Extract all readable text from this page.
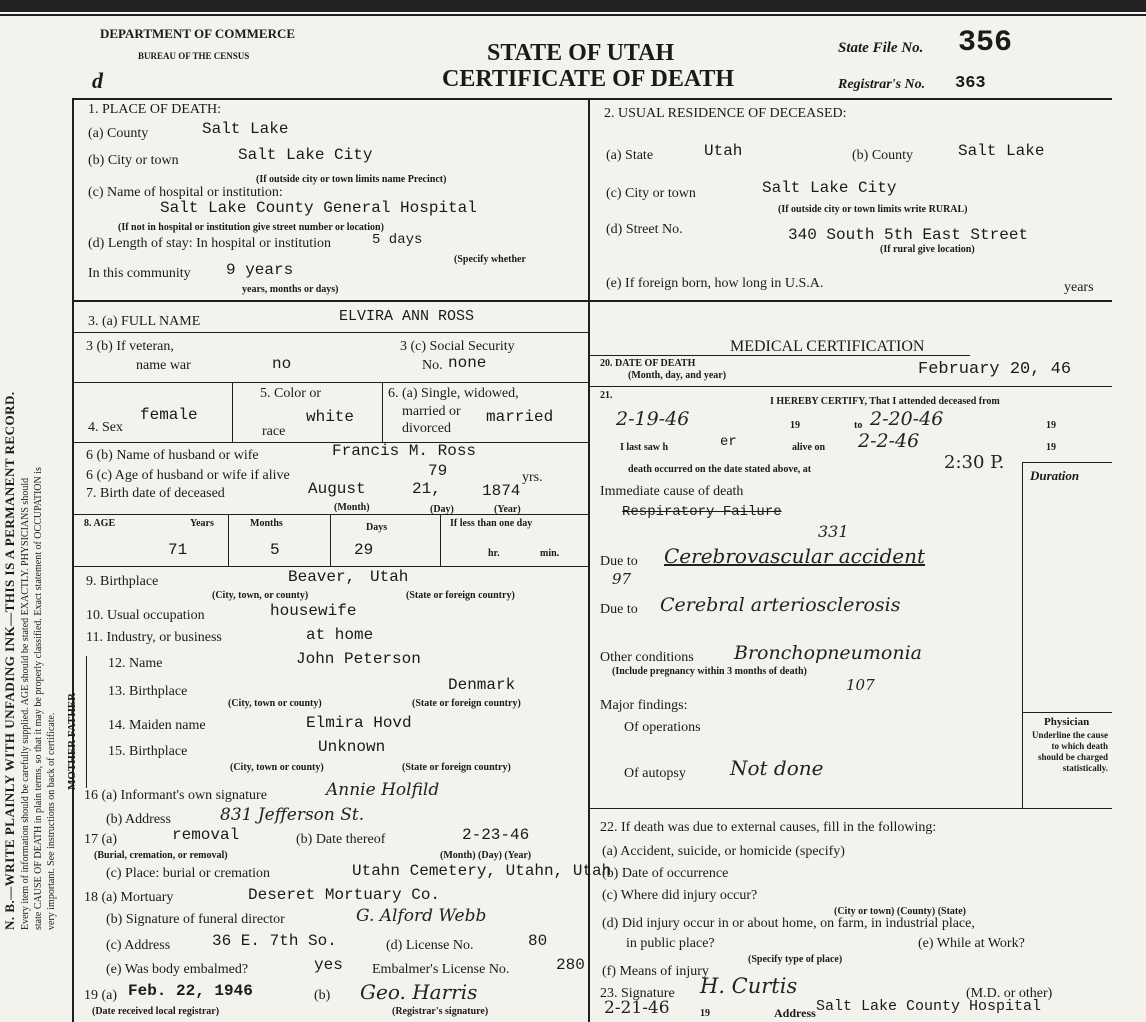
N. B.—WRITE PLAINLY WITH UNFADING INK—THIS IS A PERMANENT RECORD. Every item of information should be carefully supplied. AGE should be stated EXACTLY. PHYSICIANS should state CAUSE OF DEATH in plain terms, so that it may be properly classified. Exact statement of OCCUPATION is very important. See instructions on back of certificate. MOTHER FATHER
DEPARTMENT OF COMMERCE
BUREAU OF THE CENSUS
d
STATE OF UTAH
CERTIFICATE OF DEATH
State File No. 356
Registrar's No. 363
1. PLACE OF DEATH:
(a) County	Salt Lake
(b) City or town	Salt Lake City
(If outside city or town limits name Precinct)
(c) Name of hospital or institution:
Salt Lake County General Hospital
(If not in hospital or institution give street number or location)
(d) Length of stay: In hospital or institution	5 days
(Specify whether
In this community 9 years
years, months or days)
2. USUAL RESIDENCE OF DECEASED:
(a) State	Utah	(b) County	Salt Lake
(c) City or town	Salt Lake City
(If outside city or town limits write RURAL)
(d) Street No.	340 South 5th East Street
(If rural give location)
(e) If foreign born, how long in U.S.A.	years
3. (a) FULL NAME	ELVIRA ANN ROSS
3 (b) If veteran,
name war	no
3 (c) Social Security
No. none
4. Sex
female
5. Color or
race
white
6. (a) Single, widowed,
married or
divorced
married
6 (b) Name of husband or wife	Francis M. Ross
6 (c) Age of husband or wife if alive	79	yrs.
7. Birth date of deceased	August	21,	1874
(Month)	(Day)	(Year)
8. AGE	Years	Months	Days	If less than one day
71	5	29	hr.	min.
9. Birthplace	Beaver, Utah
(City, town, or county)	(State or foreign country)
10. Usual occupation	housewife
11. Industry, or business	at home
12. Name	John Peterson
13. Birthplace	Denmark
(City, town or county)	(State or foreign country)
14. Maiden name	Elmira Hovd
15. Birthplace	Unknown
(City, town or county)	(State or foreign country)
16 (a) Informant's own signature	Annie Holfild
(b) Address	831 Jefferson St.
17 (a)	removal
(Burial, cremation, or removal)
(b) Date thereof	2-23-46
(Month) (Day) (Year)
(c) Place: burial or cremation	Utahn Cemetery, Utahn, Utah
18 (a) Mortuary	Deseret Mortuary Co.
(b) Signature of funeral director	G. Alford Webb
(c) Address	36 E. 7th So.	(d) License No.	80
(e) Was body embalmed?	yes Embalmer's License No.	280
19 (a) Feb. 22, 1946
(Date received local registrar)
(b) Geo. Harris
(Registrar's signature)
MEDICAL CERTIFICATION
20. DATE OF DEATH
(Month, day, and year)	February 20, 46
21.
I HEREBY CERTIFY, That I attended deceased from
2-19-46	19	to 2-20-46	19
I last saw h	er	alive on 2-2-46	19
death occurred on the date stated above, at	2:30 P.
Duration
Immediate cause of death
Respiratory Failure
331
Due to Cerebrovascular accident
97
Due to Cerebral arteriosclerosis
Other conditions Bronchopneumonia
(Include pregnancy within 3 months of death)
107
Major findings:
Of operations
Of autopsy Not done
Physician
Underline the cause to which death should be charged statistically.
22. If death was due to external causes, fill in the following:
(a) Accident, suicide, or homicide (specify)
(b) Date of occurrence
(c) Where did injury occur?
(City or town) (County) (State)
(d) Did injury occur in or about home, on farm, in industrial place,
in public place?	(e) While at Work?
(Specify type of place)
(f) Means of injury
23. Signature H. Curtis	(M.D. or other)
2-21-46	19	Address Salt Lake County Hospital
